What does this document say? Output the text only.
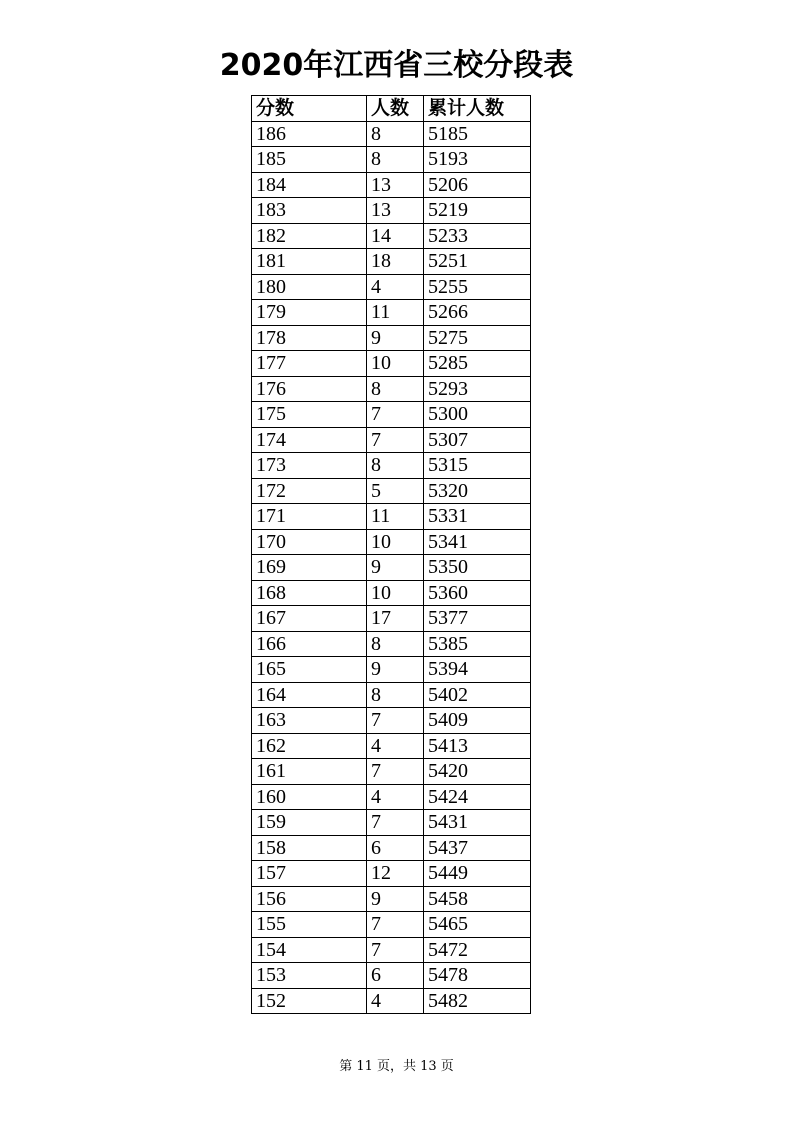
2020年江西省三校分段表
分数	人数	累计人数
186	8	5185
185	8	5193
184	13	5206
183	13	5219
182	14	5233
181	18	5251
180	4	5255
179	11	5266
178	9	5275
177	10	5285
176	8	5293
175	7	5300
174	7	5307
173	8	5315
172	5	5320
171	11	5331
170	10	5341
169	9	5350
168	10	5360
167	17	5377
166	8	5385
165	9	5394
164	8	5402
163	7	5409
162	4	5413
161	7	5420
160	4	5424
159	7	5431
158	6	5437
157	12	5449
156	9	5458
155	7	5465
154	7	5472
153	6	5478
152	4	5482
第 11 页，共 13 页
